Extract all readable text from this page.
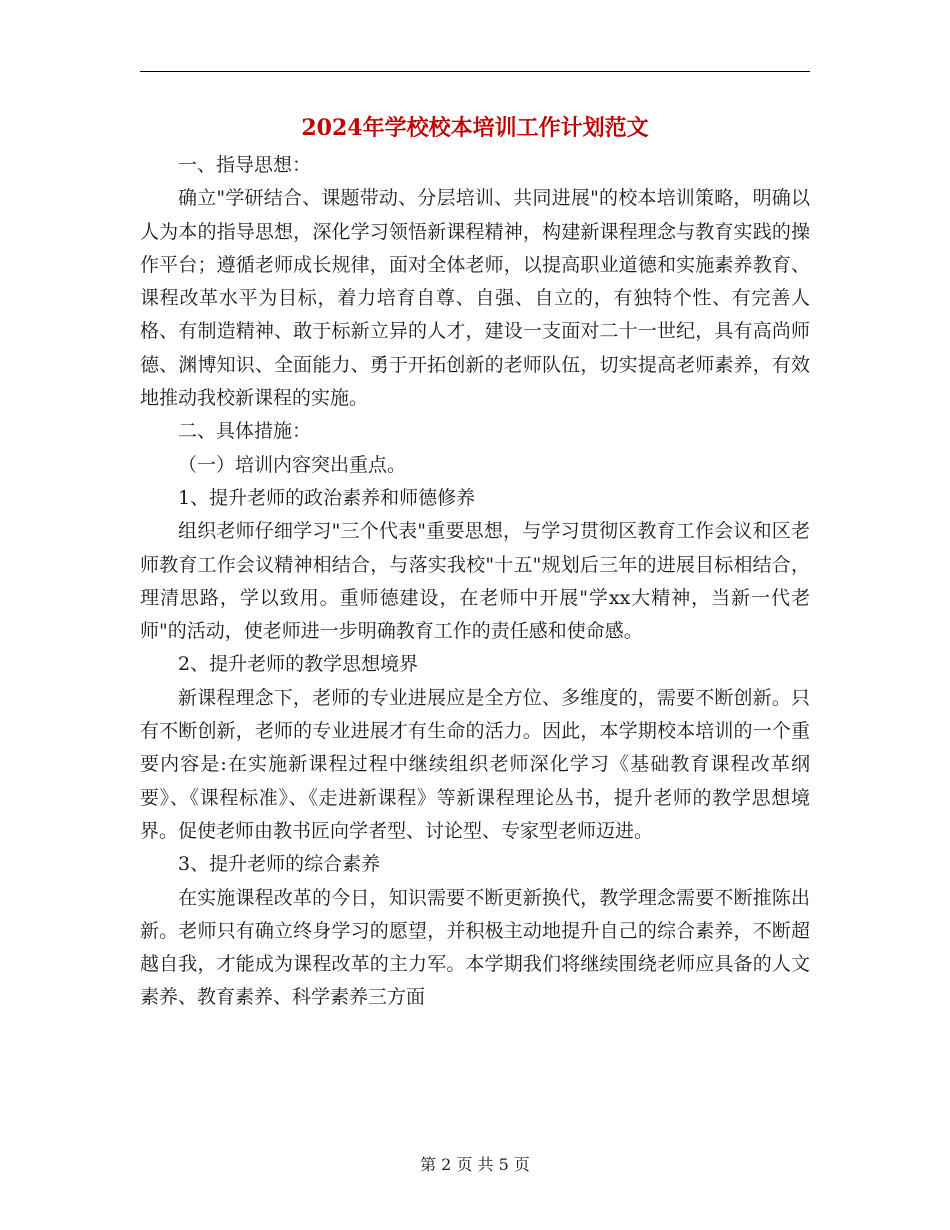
2024年学校校本培训工作计划范文

一、指导思想：

确立"学研结合、课题带动、分层培训、共同进展"的校本培训策略，明确以人为本的指导思想，深化学习领悟新课程精神，构建新课程理念与教育实践的操作平台；遵循老师成长规律，面对全体老师，以提高职业道德和实施素养教育、课程改革水平为目标，着力培育自尊、自强、自立的，有独特个性、有完善人格、有制造精神、敢于标新立异的人才，建设一支面对二十一世纪，具有高尚师德、渊博知识、全面能力、勇于开拓创新的老师队伍，切实提高老师素养，有效地推动我校新课程的实施。

二、具体措施：

（一）培训内容突出重点。

1、提升老师的政治素养和师德修养

组织老师仔细学习"三个代表"重要思想，与学习贯彻区教育工作会议和区老师教育工作会议精神相结合，与落实我校"十五"规划后三年的进展目标相结合，理清思路，学以致用。重师德建设，在老师中开展"学xx大精神，当新一代老师"的活动，使老师进一步明确教育工作的责任感和使命感。

2、提升老师的教学思想境界

新课程理念下，老师的专业进展应是全方位、多维度的，需要不断创新。只有不断创新，老师的专业进展才有生命的活力。因此，本学期校本培训的一个重要内容是:在实施新课程过程中继续组织老师深化学习《基础教育课程改革纲要》、《课程标准》、《走进新课程》等新课程理论丛书，提升老师的教学思想境界。促使老师由教书匠向学者型、讨论型、专家型老师迈进。

3、提升老师的综合素养

在实施课程改革的今日，知识需要不断更新换代，教学理念需要不断推陈出新。老师只有确立终身学习的愿望，并积极主动地提升自己的综合素养，不断超越自我，才能成为课程改革的主力军。本学期我们将继续围绕老师应具备的人文素养、教育素养、科学素养三方面

第 2 页 共 5 页
